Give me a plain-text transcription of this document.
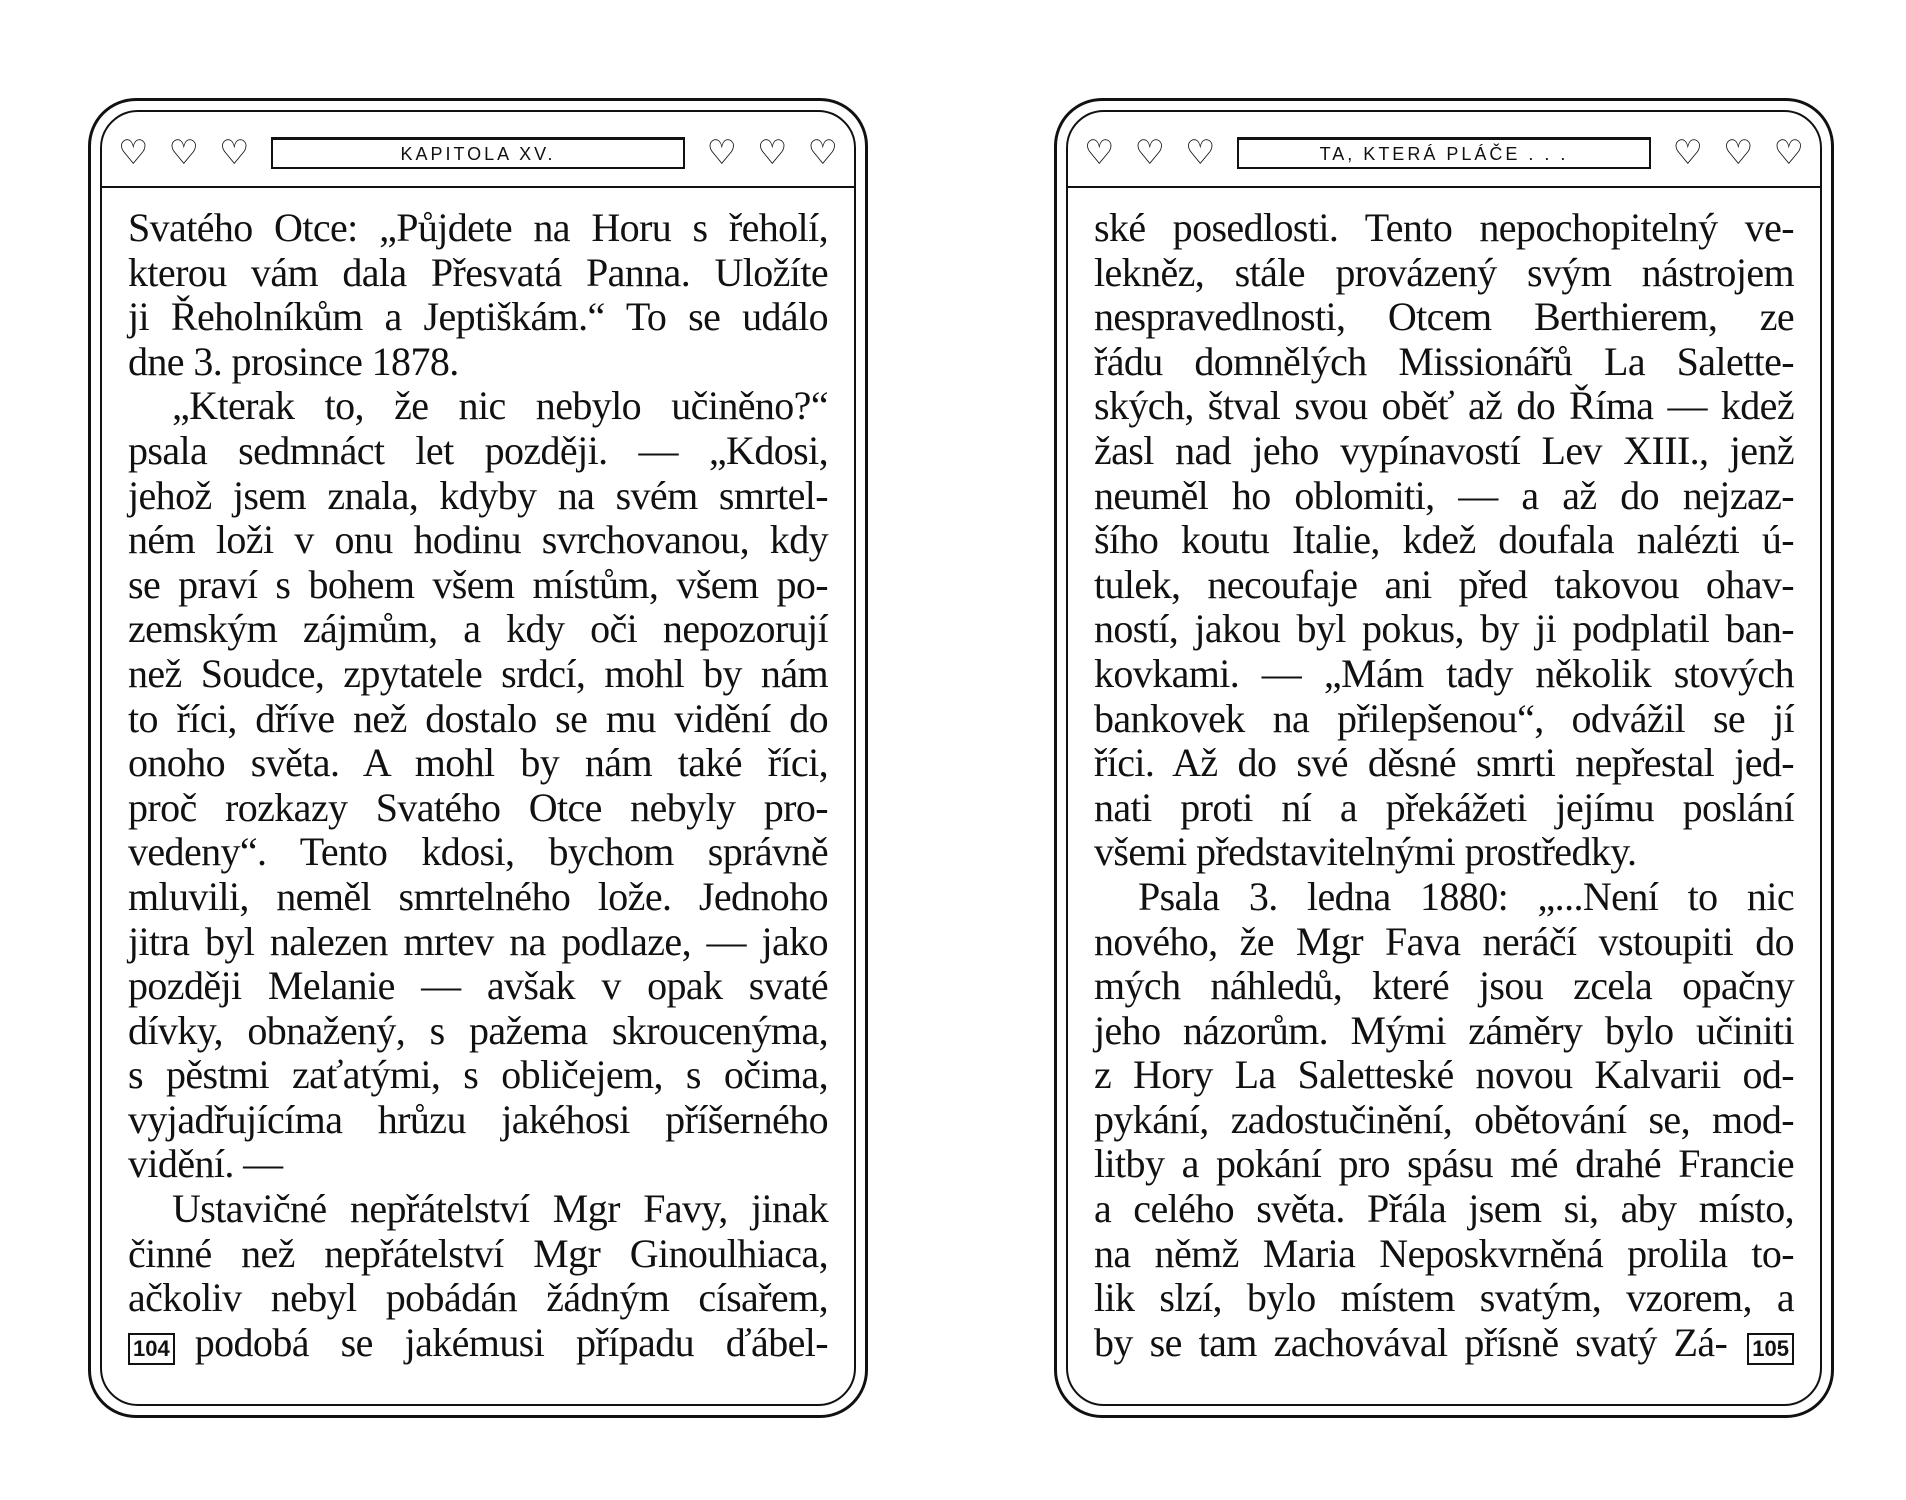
♡ ♡ ♡	KAPITOLA XV.	♡ ♡ ♡
Svatého Otce: „Půjdete na Horu s řeholí,
kterou vám dala Přesvatá Panna. Uložíte
ji Řeholníkům a Jeptiškám.“ To se událo
dne 3. prosince 1878.
„Kterak to, že nic nebylo učiněno?“
psala sedmnáct let později. — „Kdosi,
jehož jsem znala, kdyby na svém smrtel-
ném loži v onu hodinu svrchovanou, kdy
se praví s bohem všem místům, všem po-
zemským zájmům, a kdy oči nepozorují
než Soudce, zpytatele srdcí, mohl by nám
to říci, dříve než dostalo se mu vidění do
onoho světa. A mohl by nám také říci,
proč rozkazy Svatého Otce nebyly pro-
vedeny“. Tento kdosi, bychom správně
mluvili, neměl smrtelného lože. Jednoho
jitra byl nalezen mrtev na podlaze, — jako
později Melanie — avšak v opak svaté
dívky, obnažený, s pažema skroucenýma,
s pěstmi zaťatými, s obličejem, s očima,
vyjadřujícíma hrůzu jakéhosi příšerného
vidění. —
Ustavičné nepřátelství Mgr Favy, jinak
činné než nepřátelství Mgr Ginoulhiaca,
ačkoliv nebyl pobádán žádným císařem,
104 podobá se jakémusi případu ďábel-
♡ ♡ ♡	TA, KTERÁ PLÁČE . . .	♡ ♡ ♡
ské posedlosti. Tento nepochopitelný ve-
lekněz, stále provázený svým nástrojem
nespravedlnosti, Otcem Berthierem, ze
řádu domnělých Missionářů La Salette-
ských, štval svou oběť až do Říma — kdež
žasl nad jeho vypínavostí Lev XIII., jenž
neuměl ho oblomiti, — a až do nejzaz-
šího koutu Italie, kdež doufala nalézti ú-
tulek, necoufaje ani před takovou ohav-
ností, jakou byl pokus, by ji podplatil ban-
kovkami. — „Mám tady několik stových
bankovek na přilepšenou“, odvážil se jí
říci. Až do své děsné smrti nepřestal jed-
nati proti ní a překážeti jejímu poslání
všemi představitelnými prostředky.
Psala 3. ledna 1880: „...Není to nic
nového, že Mgr Fava neráčí vstoupiti do
mých náhledů, které jsou zcela opačny
jeho názorům. Mými záměry bylo učiniti
z Hory La Saletteské novou Kalvarii od-
pykání, zadostučinění, obětování se, mod-
litby a pokání pro spásu mé drahé Francie
a celého světa. Přála jsem si, aby místo,
na němž Maria Neposkvrněná prolila to-
lik slzí, bylo místem svatým, vzorem, a
by se tam zachovával přísně svatý Zá- 105
